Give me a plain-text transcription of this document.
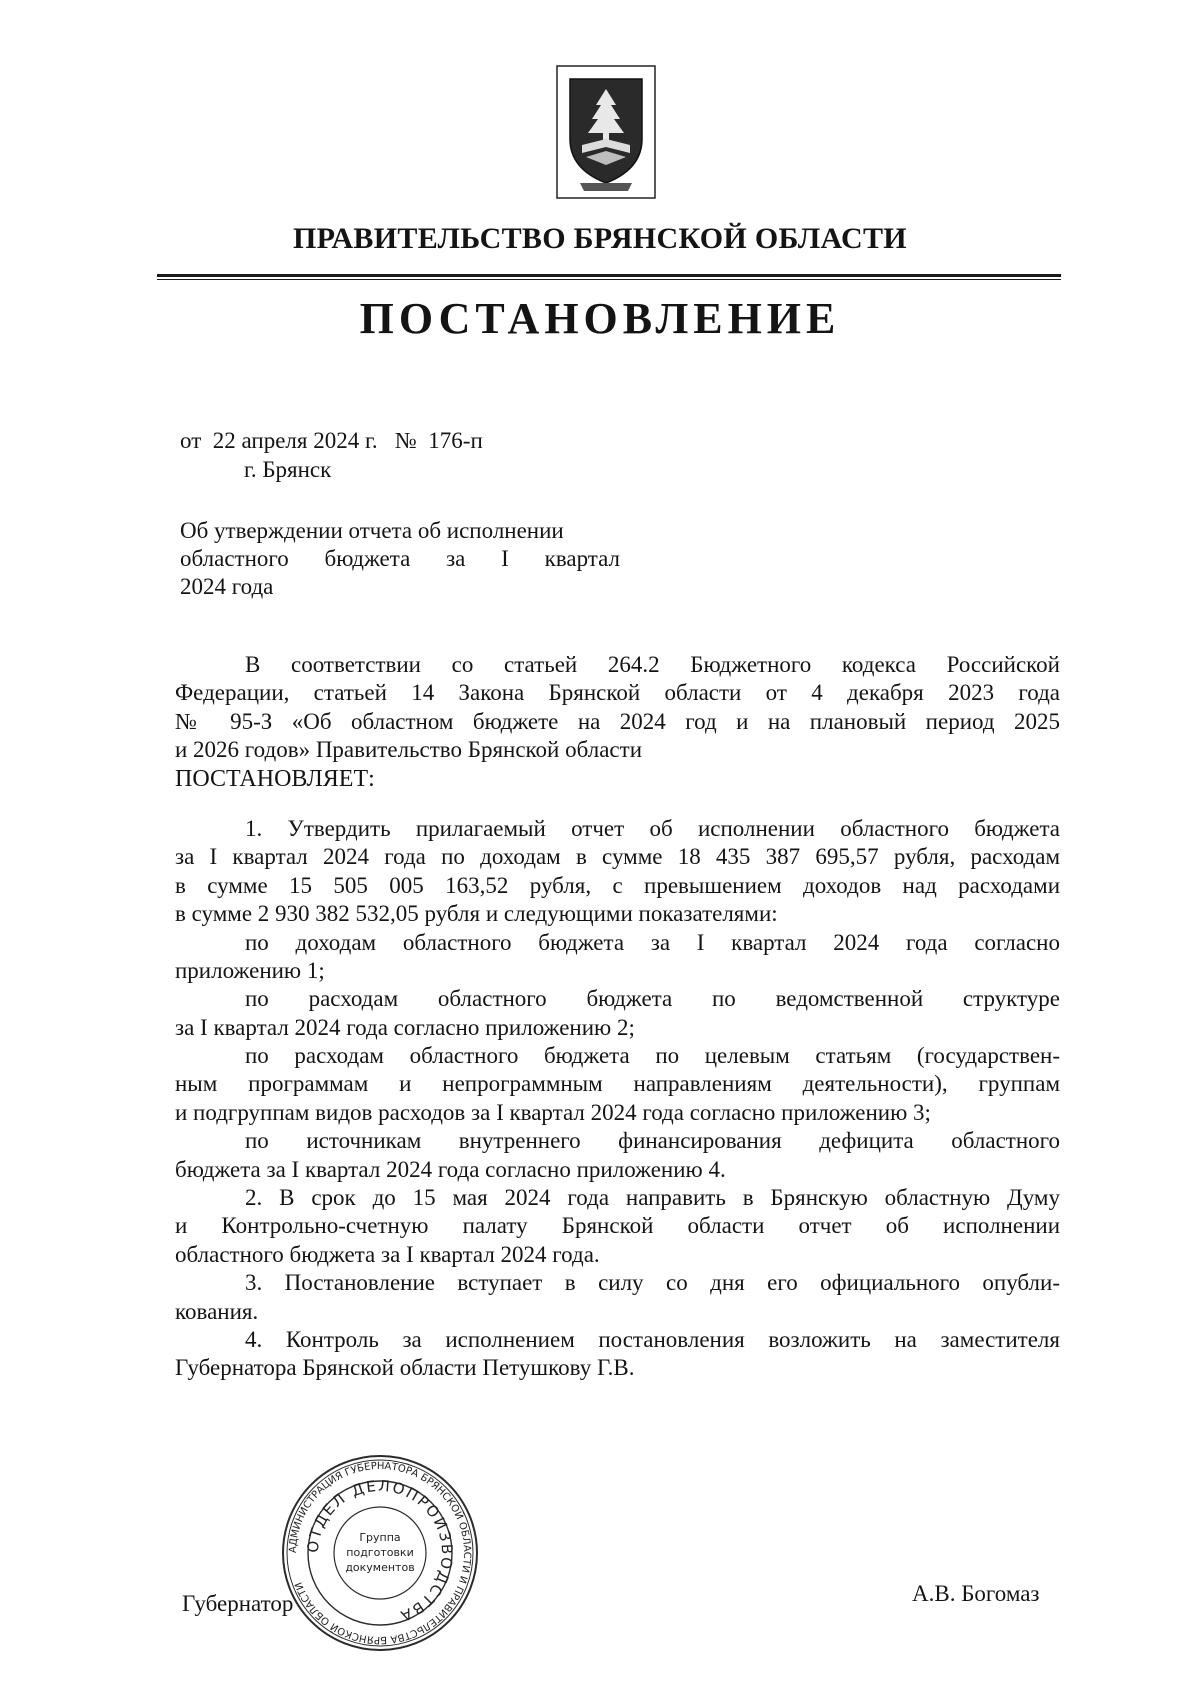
ПРАВИТЕЛЬСТВО БРЯНСКОЙ ОБЛАСТИ
ПОСТАНОВЛЕНИЕ
от 22 апреля 2024 г. № 176-п
г. Брянск
Об утверждении отчета об исполнении
областного бюджета за I квартал
2024 года
В соответствии со статьей 264.2 Бюджетного кодекса Российской
Федерации, статьей 14 Закона Брянской области от 4 декабря 2023 года
№ 95-З «Об областном бюджете на 2024 год и на плановый период 2025
и 2026 годов» Правительство Брянской области
ПОСТАНОВЛЯЕТ:
1. Утвердить прилагаемый отчет об исполнении областного бюджета
за I квартал 2024 года по доходам в сумме 18 435 387 695,57 рубля, расходам
в сумме 15 505 005 163,52 рубля, с превышением доходов над расходами
в сумме 2 930 382 532,05 рубля и следующими показателями:
по доходам областного бюджета за I квартал 2024 года согласно
приложению 1;
по расходам областного бюджета по ведомственной структуре
за I квартал 2024 года согласно приложению 2;
по расходам областного бюджета по целевым статьям (государствен-
ным программам и непрограммным направлениям деятельности), группам
и подгруппам видов расходов за I квартал 2024 года согласно приложению 3;
по источникам внутреннего финансирования дефицита областного
бюджета за I квартал 2024 года согласно приложению 4.
2. В срок до 15 мая 2024 года направить в Брянскую областную Думу
и Контрольно-счетную палату Брянской области отчет об исполнении
областного бюджета за I квартал 2024 года.
3. Постановление вступает в силу со дня его официального опубли-
кования.
4. Контроль за исполнением постановления возложить на заместителя
Губернатора Брянской области Петушкову Г.В.
Губернатор
АДМИНИСТРАЦИЯ ГУБЕРНАТОРА БРЯНСКОЙ ОБЛАСТИ И ПРАВИТЕЛЬСТВА БРЯНСКОЙ ОБЛАСТИ
ОТДЕЛ ДЕЛОПРОИЗВОДСТВА
Группа
подготовки
документов
А.В. Богомаз
